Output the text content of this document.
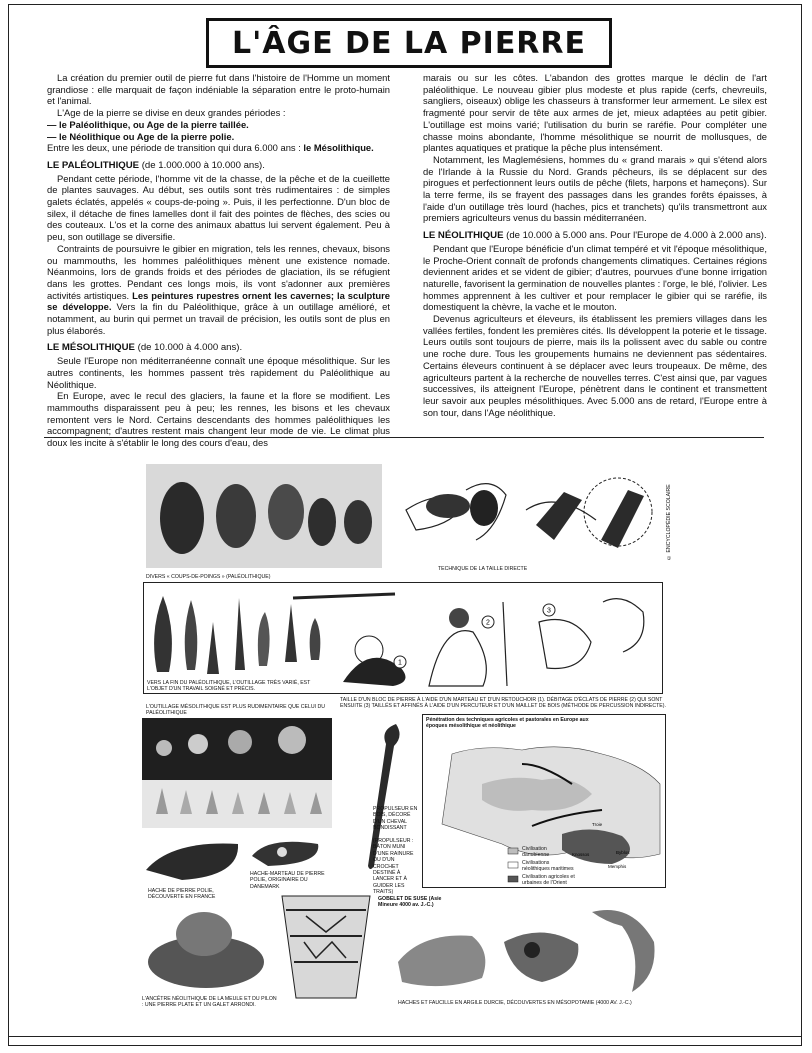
L'ÂGE DE LA PIERRE

La création du premier outil de pierre fut dans l'histoire de l'Homme un moment grandiose : elle marquait de façon indéniable la séparation entre le proto-humain et l'animal.

L'Age de la pierre se divise en deux grandes périodes :

— le Paléolithique, ou Age de la pierre taillée.

— le Néolithique ou Age de la pierre polie.

Entre les deux, une période de transition qui dura 6.000 ans : le Mésolithique.

LE PALÉOLITHIQUE (de 1.000.000 à 10.000 ans).

Pendant cette période, l'homme vit de la chasse, de la pêche et de la cueillette de plantes sauvages. Au début, ses outils sont très rudimentaires : de simples galets éclatés, appelés « coups-de-poing ». Puis, il les perfectionne. D'un bloc de silex, il détache de fines lamelles dont il fait des pointes de flèches, des scies ou des couteaux. L'os et la corne des animaux abattus lui servent également. Peu à peu, son outillage se diversifie.

Contraints de poursuivre le gibier en migration, tels les rennes, chevaux, bisons ou mammouths, les hommes paléolithiques mènent une existence nomade. Néanmoins, lors de grands froids et des périodes de glaciation, ils se réfugient dans les grottes. Pendant ces longs mois, ils vont s'adonner aux premières activités artistiques. Les peintures rupestres ornent les cavernes; la sculpture se développe. Vers la fin du Paléolithique, grâce à un outillage amélioré, et notamment, au burin qui permet un travail de précision, les outils sont de plus en plus élaborés.

LE MÉSOLITHIQUE (de 10.000 à 4.000 ans).

Seule l'Europe non méditerranéenne connaît une époque mésolithique. Sur les autres continents, les hommes passent très rapidement du Paléolithique au Néolithique.

En Europe, avec le recul des glaciers, la faune et la flore se modifient. Les mammouths disparaissent peu à peu; les rennes, les bisons et les chevaux remontent vers le Nord. Certains descendants des hommes paléolithiques les accompagnent; d'autres restent mais changent leur mode de vie. Le climat plus doux les incite à s'établir le long des cours d'eau, des

marais ou sur les côtes. L'abandon des grottes marque le déclin de l'art paléolithique. Le nouveau gibier plus modeste et plus rapide (cerfs, chevreuils, sangliers, oiseaux) oblige les chasseurs à transformer leur armement. Le silex est fragmenté pour servir de tête aux armes de jet, mieux adaptées au petit gibier. L'outillage est moins varié; l'utilisation du burin se raréfie. Pour compléter une chasse moins abondante, l'homme mésolithique se nourrit de mollusques, de plantes aquatiques et pratique la pêche plus intensément.

Notamment, les Maglemésiens, hommes du « grand marais » qui s'étend alors de l'Irlande à la Russie du Nord. Grands pêcheurs, ils se déplacent sur des pirogues et perfectionnent leurs outils de pêche (filets, harpons et hameçons). Sur la terre ferme, ils se frayent des passages dans les grandes forêts épaisses, à l'aide d'un outillage très lourd (haches, pics et tranchets) qu'ils transmettront aux premiers agriculteurs venus du bassin méditerranéen.

LE NÉOLITHIQUE (de 10.000 à 5.000 ans. Pour l'Europe de 4.000 à 2.000 ans).

Pendant que l'Europe bénéficie d'un climat tempéré et vit l'époque mésolithique, le Proche-Orient connaît de profonds changements climatiques. Certaines régions deviennent arides et se vident de gibier; d'autres, pourvues d'une bonne irrigation naturelle, favorisent la germination de nouvelles plantes : l'orge, le blé, l'olivier. Les hommes apprennent à les cultiver et pour remplacer le gibier qui se raréfie, ils domestiquent la chèvre, la vache et le mouton.

Devenus agriculteurs et éleveurs, ils établissent les premiers villages dans les vallées fertiles, fondent les premières cités. Ils développent la poterie et le tissage. Leurs outils sont toujours de pierre, mais ils la polissent avec du sable ou contre une roche dure. Tous les groupements humains ne deviennent pas sédentaires. Certains éleveurs continuent à se déplacer avec leurs troupeaux. De même, des agriculteurs partent à la recherche de nouvelles terres. C'est ainsi que, par vagues successives, ils atteignent l'Europe, pénètrent dans le continent et transmettent leur savoir aux peuples mésolithiques. Avec 5.000 ans de retard, l'Europe entre à son tour, dans l'Age néolithique.

DIVERS « COUPS-DE-POINGS » (PALÉOLITHIQUE)
TECHNIQUE DE LA TAILLE DIRECTE
© ENCYCLOPÉDIE SCOLAIRE
1
2
3
VERS LA FIN DU PALÉOLITHIQUE, L'OUTILLAGE TRÈS VARIÉ, EST L'OBJET D'UN TRAVAIL SOIGNÉ ET PRÉCIS.
TAILLE D'UN BLOC DE PIERRE À L'AIDE D'UN MARTEAU ET D'UN RETOUCHOIR (1). DÉBITAGE D'ÉCLATS DE PIERRE (2) QUI SONT ENSUITE (3) TAILLÉS ET AFFINÉS À L'AIDE D'UN PERCUTEUR ET D'UN MAILLET DE BOIS (MÉTHODE DE PERCUSSION INDIRECTE).
L'OUTILLAGE MÉSOLITHIQUE EST PLUS RUDIMENTAIRE QUE CELUI DU PALÉOLITHIQUE
HACHE DE PIERRE POLIE, DÉCOUVERTE EN FRANCE
HACHE-MARTEAU DE PIERRE POLIE, ORIGINAIRE DU DANEMARK
PROPULSEUR EN BOIS, DÉCORÉ D'UN CHEVAL BONDISSANT
(PROPULSEUR : BÂTON MUNI D'UNE RAINURE OU D'UN CROCHET DESTINÉ À LANCER ET À GUIDER LES TRAITS)
Byblos
Memphis
Knossos
Troie
Pénétration des techniques agricoles et pastorales en Europe aux époques mésolithique et néolithique
Civilisation danubienne
Civilisations néolithiques maritimes
Civilisation agricoles et urbaines de l'Orient
L'ANCÊTRE NÉOLITHIQUE DE LA MEULE ET DU PILON : UNE PIERRE PLATE ET UN GALET ARRONDI.
GOBELET DE SUSE (Asie Mineure 4000 av. J.-C.)
HACHES ET FAUCILLE EN ARGILE DURCIE, DÉCOUVERTES EN MÉSOPOTAMIE (4000 AV. J.-C.)
